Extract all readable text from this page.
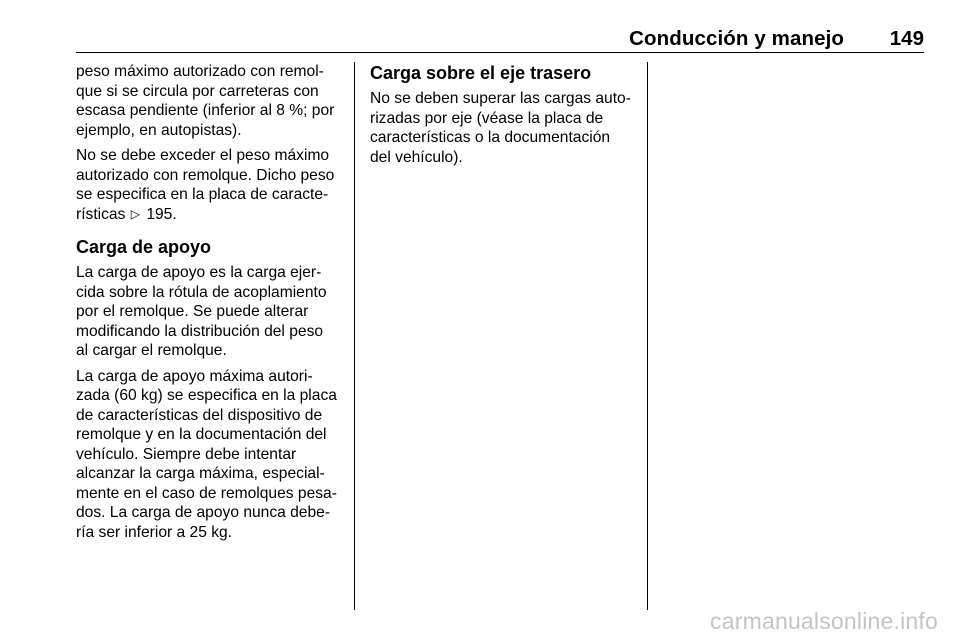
Conducción y manejo 149

peso máximo autorizado con remol-
que si se circula por carreteras con
escasa pendiente (inferior al 8 %; por
ejemplo, en autopistas).

No se debe exceder el peso máximo
autorizado con remolque. Dicho peso
se especifica en la placa de caracte-
rísticas ▷ 195.

Carga de apoyo

La carga de apoyo es la carga ejer-
cida sobre la rótula de acoplamiento
por el remolque. Se puede alterar
modificando la distribución del peso
al cargar el remolque.

La carga de apoyo máxima autori-
zada (60 kg) se especifica en la placa
de características del dispositivo de
remolque y en la documentación del
vehículo. Siempre debe intentar
alcanzar la carga máxima, especial-
mente en el caso de remolques pesa-
dos. La carga de apoyo nunca debe-
ría ser inferior a 25 kg.

Carga sobre el eje trasero

No se deben superar las cargas auto-
rizadas por eje (véase la placa de
características o la documentación
del vehículo).

carmanualsonline.info
